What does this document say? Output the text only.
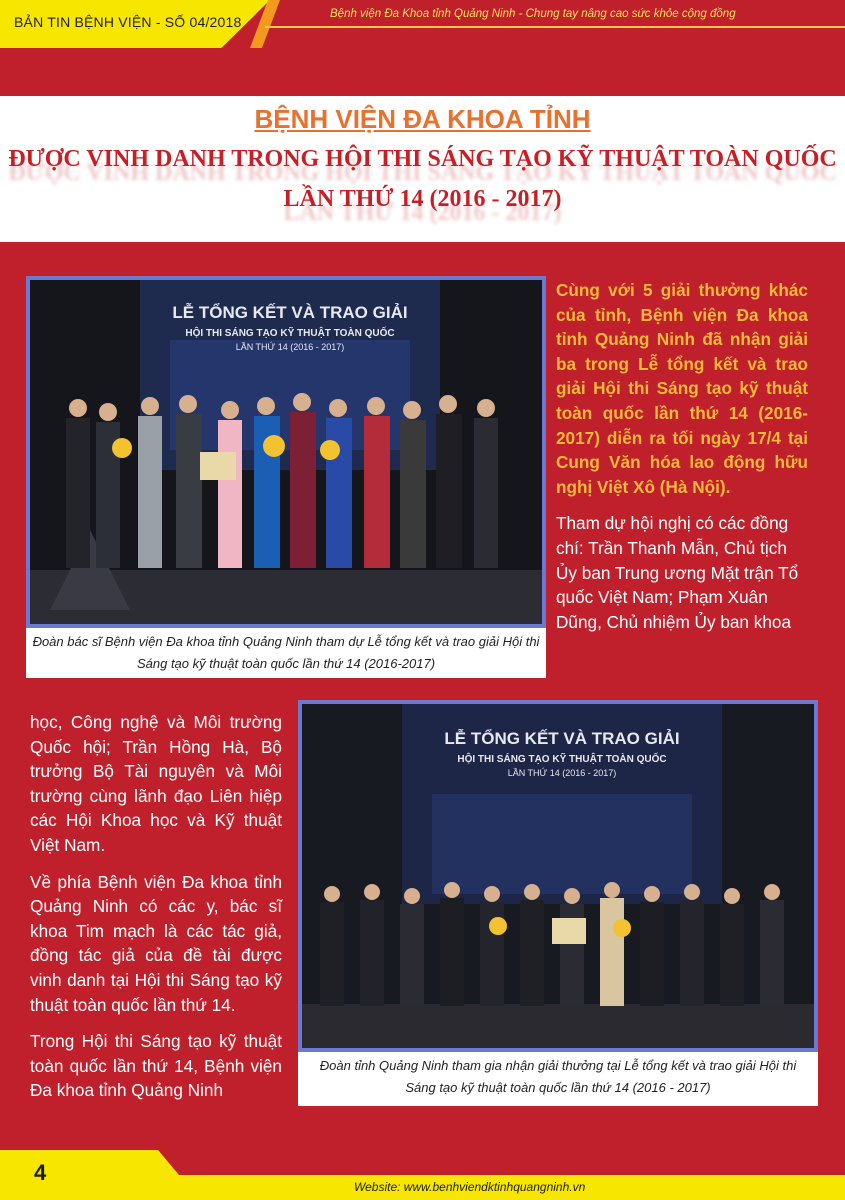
BẢN TIN BỆNH VIỆN - SỐ 04/2018	Bệnh viện Đa Khoa tỉnh Quảng Ninh - Chung tay nâng cao sức khỏe cộng đồng
BỆNH VIỆN ĐA KHOA TỈNH
ĐƯỢC VINH DANH TRONG HỘI THI SÁNG TẠO KỸ THUẬT TOÀN QUỐC
LẦN THỨ 14 (2016 - 2017)
LỄ TỔNG KẾT VÀ TRAO GIẢI
HỘI THI SÁNG TẠO KỸ THUẬT TOÀN QUỐC
LẦN THỨ 14 (2016 - 2017)
Đoàn bác sĩ Bệnh viện Đa khoa tỉnh Quảng Ninh tham dự Lễ tổng kết và trao giải Hội thi Sáng tạo kỹ thuật toàn quốc lần thứ 14 (2016-2017)

Cùng với 5 giải thưởng khác của tỉnh, Bệnh viện Đa khoa tỉnh Quảng Ninh đã nhận giải ba trong Lễ tổng kết và trao giải Hội thi Sáng tạo kỹ thuật toàn quốc lần thứ 14 (2016-2017) diễn ra tối ngày 17/4 tại Cung Văn hóa lao động hữu nghị Việt Xô (Hà Nội).

Tham dự hội nghị có các đồng chí: Trần Thanh Mẫn, Chủ tịch Ủy ban Trung ương Mặt trận Tổ quốc Việt Nam; Phạm Xuân Dũng, Chủ nhiệm Ủy ban khoa

học, Công nghệ và Môi trường Quốc hội; Trần Hồng Hà, Bộ trưởng Bộ Tài nguyên và Môi trường cùng lãnh đạo Liên hiệp các Hội Khoa học và Kỹ thuật Việt Nam.

Về phía Bệnh viện Đa khoa tỉnh Quảng Ninh có các y, bác sĩ khoa Tim mạch là các tác giả, đồng tác giả của đề tài được vinh danh tại Hội thi Sáng tạo kỹ thuật toàn quốc lần thứ 14.

Trong Hội thi Sáng tạo kỹ thuật toàn quốc lần thứ 14, Bệnh viện Đa khoa tỉnh Quảng Ninh

LỄ TỔNG KẾT VÀ TRAO GIẢI
HỘI THI SÁNG TẠO KỸ THUẬT TOÀN QUỐC
LẦN THỨ 14 (2016 - 2017)
Đoàn tỉnh Quảng Ninh tham gia nhận giải thưởng tại Lễ tổng kết và trao giải Hội thi Sáng tạo kỹ thuật toàn quốc lần thứ 14 (2016 - 2017)
4
Website: www.benhviendktinhquangninh.vn
